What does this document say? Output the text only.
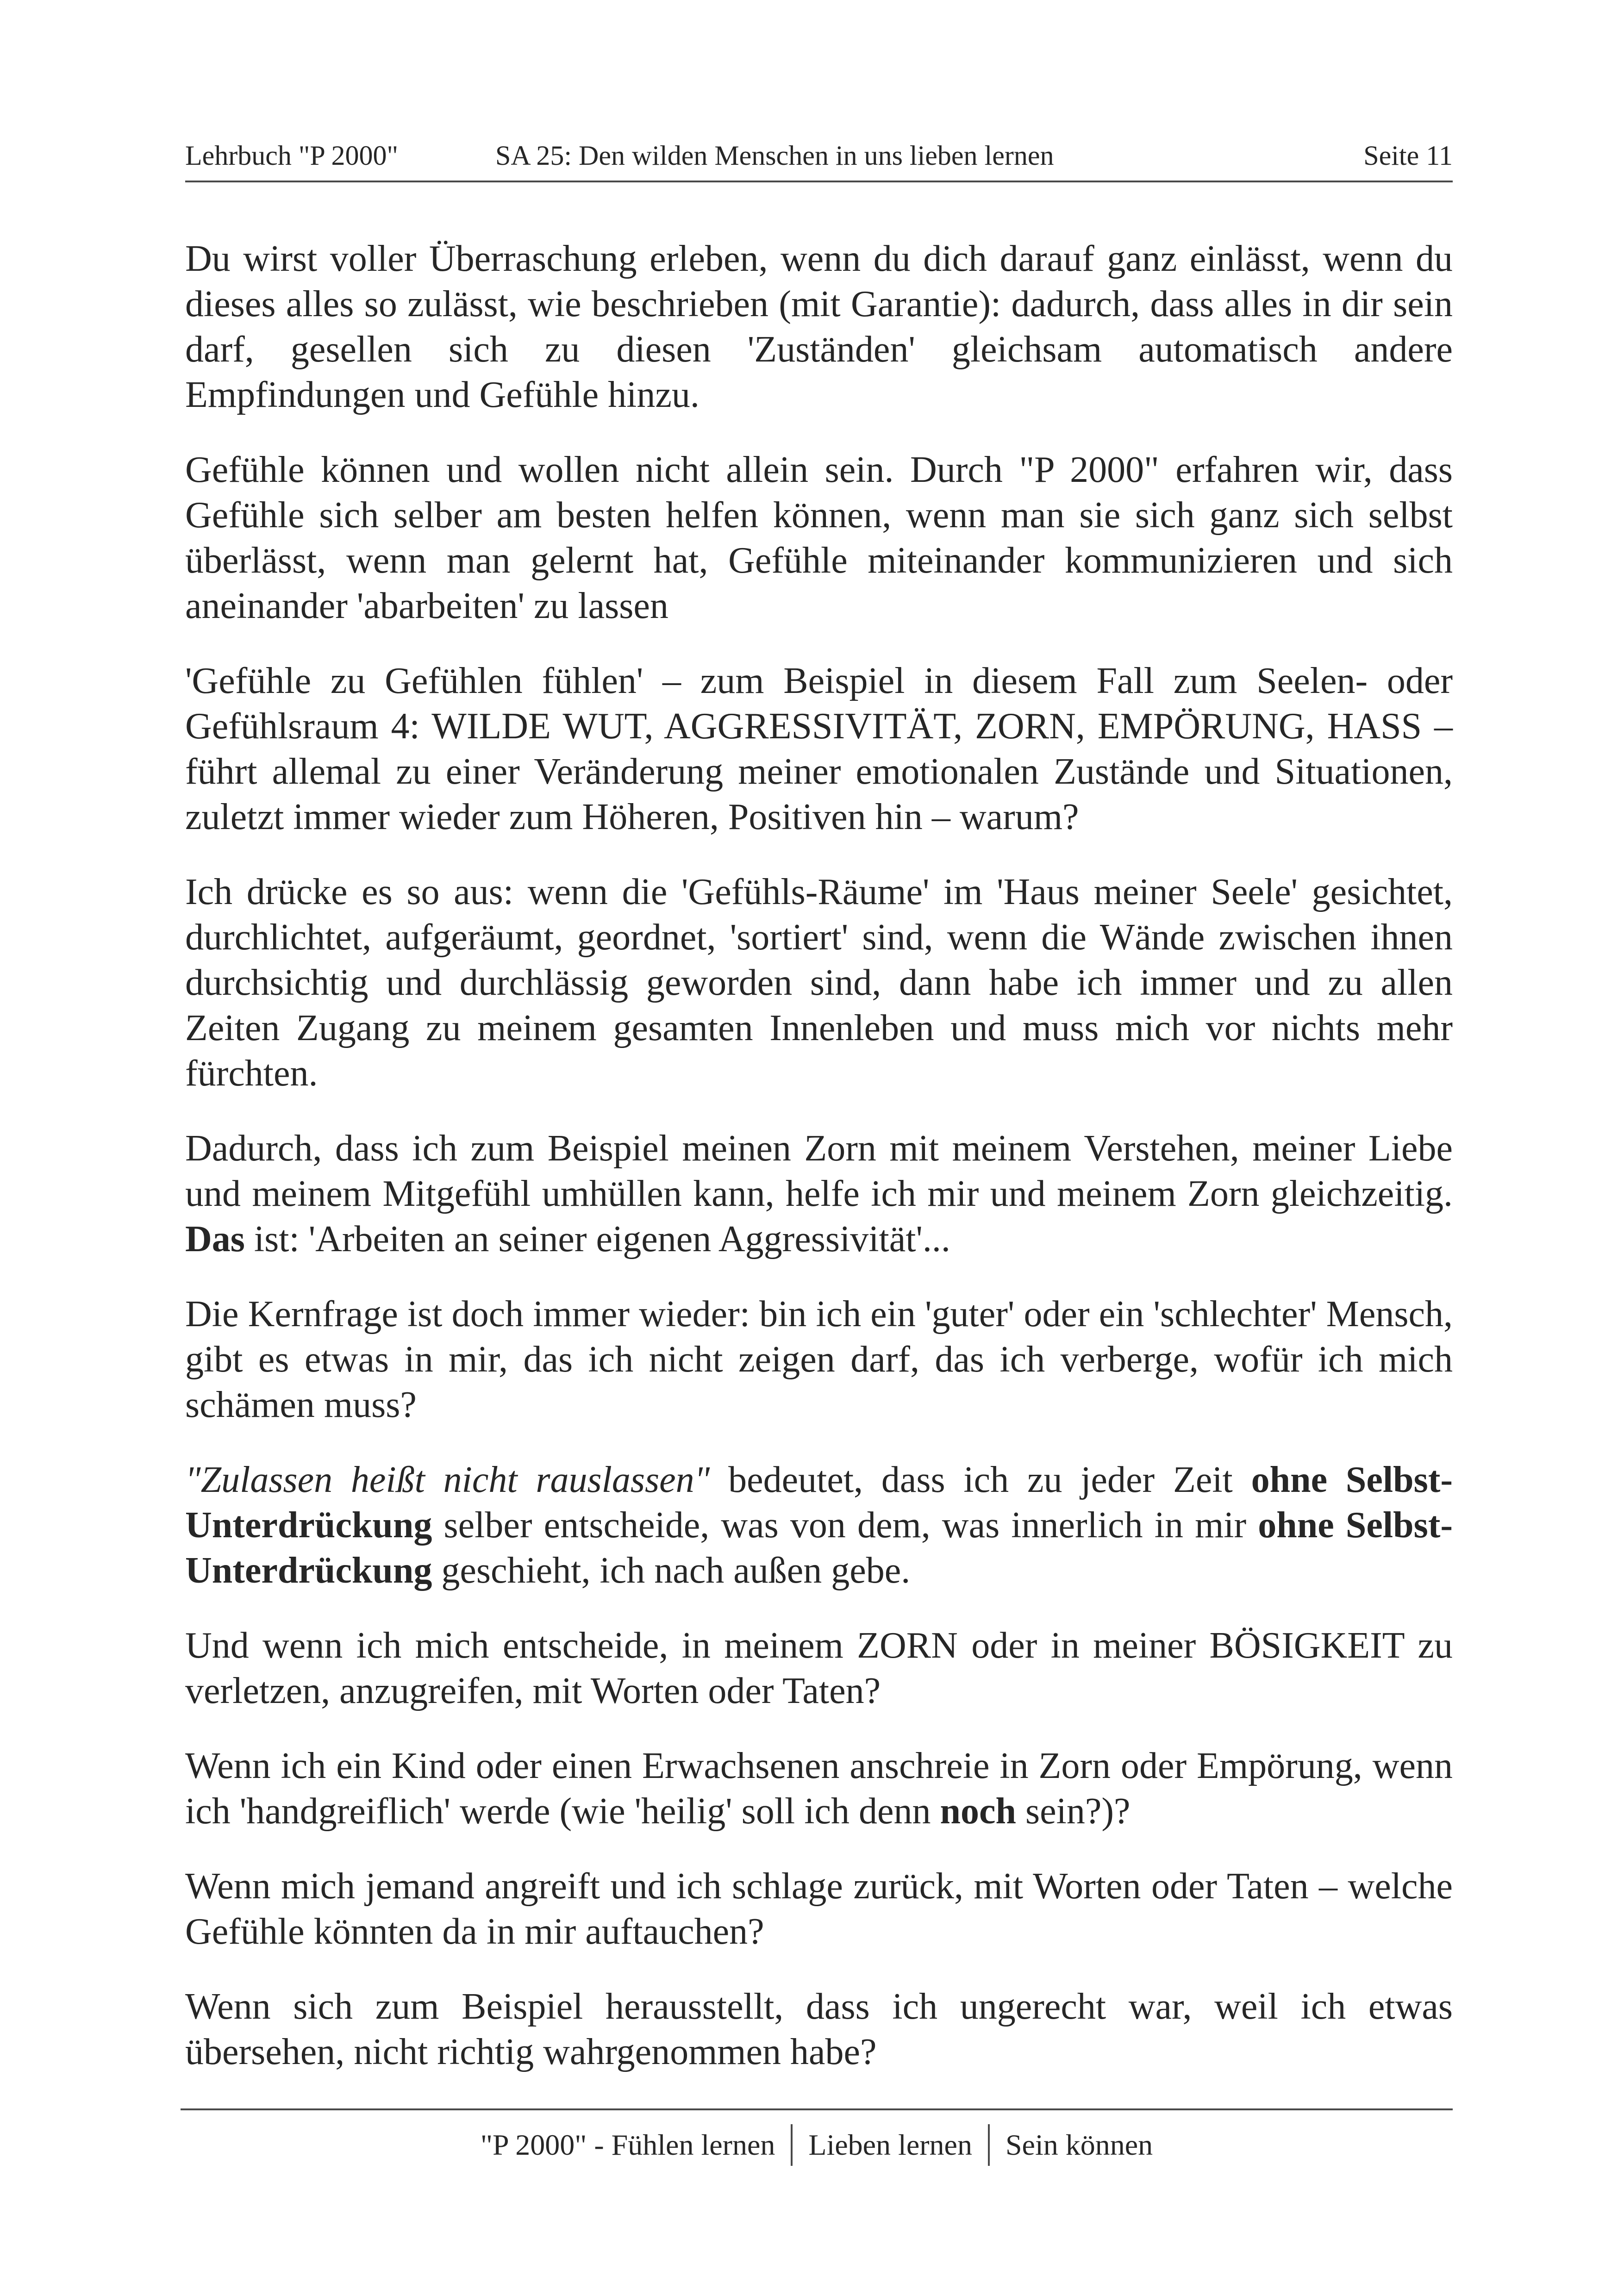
Lehrbuch "P 2000"	SA 25: Den wilden Menschen in uns lieben lernen	Seite 11

Du wirst voller Überraschung erleben, wenn du dich darauf ganz einlässt, wenn du dieses alles so zulässt, wie beschrieben (mit Garantie): dadurch, dass alles in dir sein darf, gesellen sich zu diesen 'Zuständen' gleichsam automatisch andere Empfindungen und Gefühle hinzu.

Gefühle können und wollen nicht allein sein. Durch "P 2000" erfahren wir, dass Gefühle sich selber am besten helfen können, wenn man sie sich ganz sich selbst überlässt, wenn man gelernt hat, Gefühle miteinander kommunizieren und sich aneinander 'abarbeiten' zu lassen

'Gefühle zu Gefühlen fühlen' – zum Beispiel in diesem Fall zum Seelen- oder Gefühlsraum 4: WILDE WUT, AGGRESSIVITÄT, ZORN, EMPÖRUNG, HASS – führt allemal zu einer Veränderung meiner emotionalen Zustände und Situationen, zuletzt immer wieder zum Höheren, Positiven hin – warum?

Ich drücke es so aus: wenn die 'Gefühls-Räume' im 'Haus meiner Seele' gesichtet, durchlichtet, aufgeräumt, geordnet, 'sortiert' sind, wenn die Wände zwischen ihnen durchsichtig und durchlässig geworden sind, dann habe ich immer und zu allen Zeiten Zugang zu meinem gesamten Innenleben und muss mich vor nichts mehr fürchten.

Dadurch, dass ich zum Beispiel meinen Zorn mit meinem Verstehen, meiner Liebe und meinem Mitgefühl umhüllen kann, helfe ich mir und meinem Zorn gleichzeitig. Das ist: 'Arbeiten an seiner eigenen Aggressivität'...

Die Kernfrage ist doch immer wieder: bin ich ein 'guter' oder ein 'schlechter' Mensch, gibt es etwas in mir, das ich nicht zeigen darf, das ich verberge, wofür ich mich schämen muss?

"Zulassen heißt nicht rauslassen" bedeutet, dass ich zu jeder Zeit ohne Selbst-Unterdrückung selber entscheide, was von dem, was innerlich in mir ohne Selbst-Unterdrückung geschieht, ich nach außen gebe.

Und wenn ich mich entscheide, in meinem ZORN oder in meiner BÖSIGKEIT zu verletzen, anzugreifen, mit Worten oder Taten?

Wenn ich ein Kind oder einen Erwachsenen anschreie in Zorn oder Empörung, wenn ich 'handgreiflich' werde (wie 'heilig' soll ich denn noch sein?)?

Wenn mich jemand angreift und ich schlage zurück, mit Worten oder Taten – welche Gefühle könnten da in mir auftauchen?

Wenn sich zum Beispiel herausstellt, dass ich ungerecht war, weil ich etwas übersehen, nicht richtig wahrgenommen habe?

"P 2000" - Fühlen lernen Lieben lernen Sein können
